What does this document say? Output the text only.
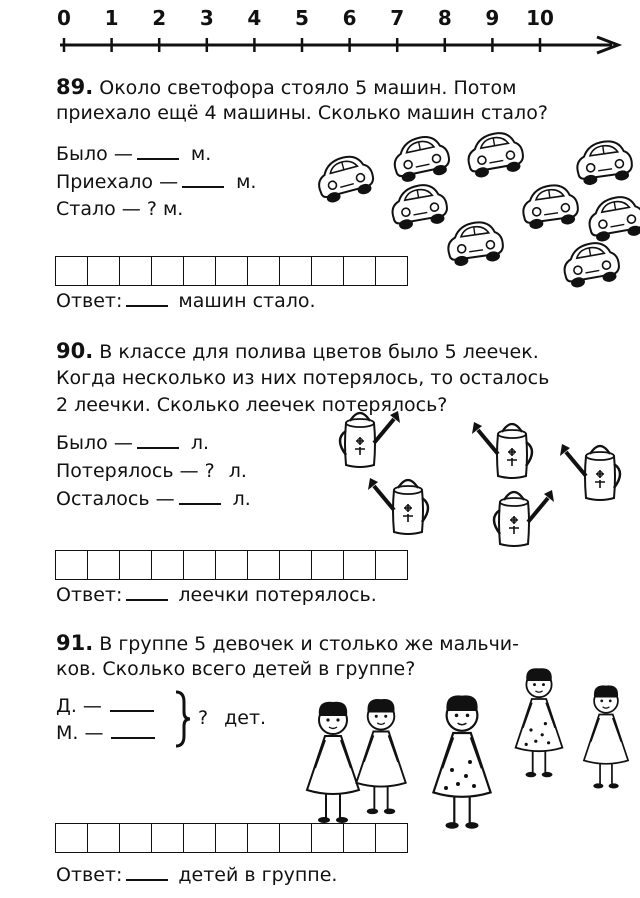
0 1 2 3 4 5 6 7 8 9 10
89. Около светофора стояло 5 машин. Потом
приехало ещё 4 машины. Сколько машин стало?
Было —	м.
Приехало —	м.
Стало — ? м.
Ответ:	машин стало.
90. В классе для полива цветов было 5 леечек.
Когда несколько из них потерялось, то осталось
2 леечки. Сколько леечек потерялось?
Было —	л.
Потерялось — ? л.
Осталось —	л.
Ответ:	леечки потерялось.
91. В группе 5 девочек и столько же мальчи-
ков. Сколько всего детей в группе?
Д. —
М. —
? дет.
Ответ:	детей в группе.
